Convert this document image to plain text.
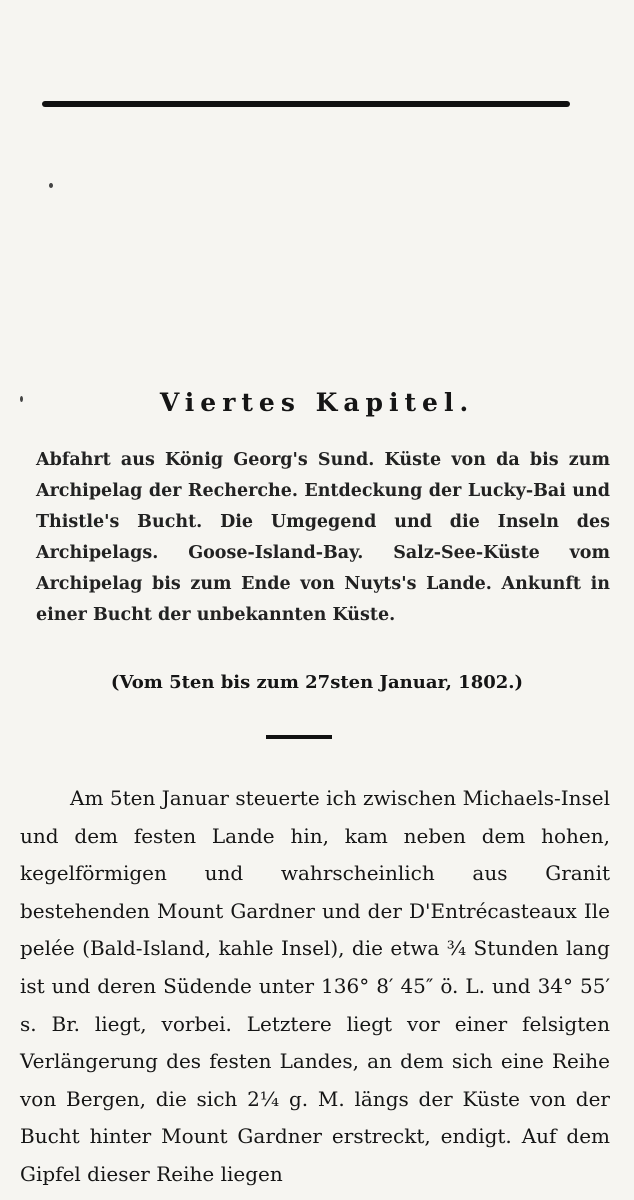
Viertes Kapitel.
Abfahrt aus König Georg's Sund. Küste von da bis zum Archipelag der Recherche. Entdeckung der Lucky-Bai und Thistle's Bucht. Die Umgegend und die Inseln des Archipelags. Goose-Island-Bay. Salz-See-Küste vom Archipelag bis zum Ende von Nuyts's Lande. Ankunft in einer Bucht der unbekannten Küste.
(Vom 5ten bis zum 27sten Januar, 1802.)

Am 5ten Januar steuerte ich zwischen Michaels-Insel und dem festen Lande hin, kam neben dem hohen, kegelförmigen und wahrscheinlich aus Granit bestehenden Mount Gardner und der D'Entrécasteaux Ile pelée (Bald-Island, kahle Insel), die etwa ¾ Stunden lang ist und deren Südende unter 136° 8′ 45″ ö. L. und 34° 55′ s. Br. liegt, vorbei. Letztere liegt vor einer felsigten Verlängerung des festen Landes, an dem sich eine Reihe von Bergen, die sich 2¼ g. M. längs der Küste von der Bucht hinter Mount Gardner erstreckt, endigt. Auf dem Gipfel dieser Reihe liegen
